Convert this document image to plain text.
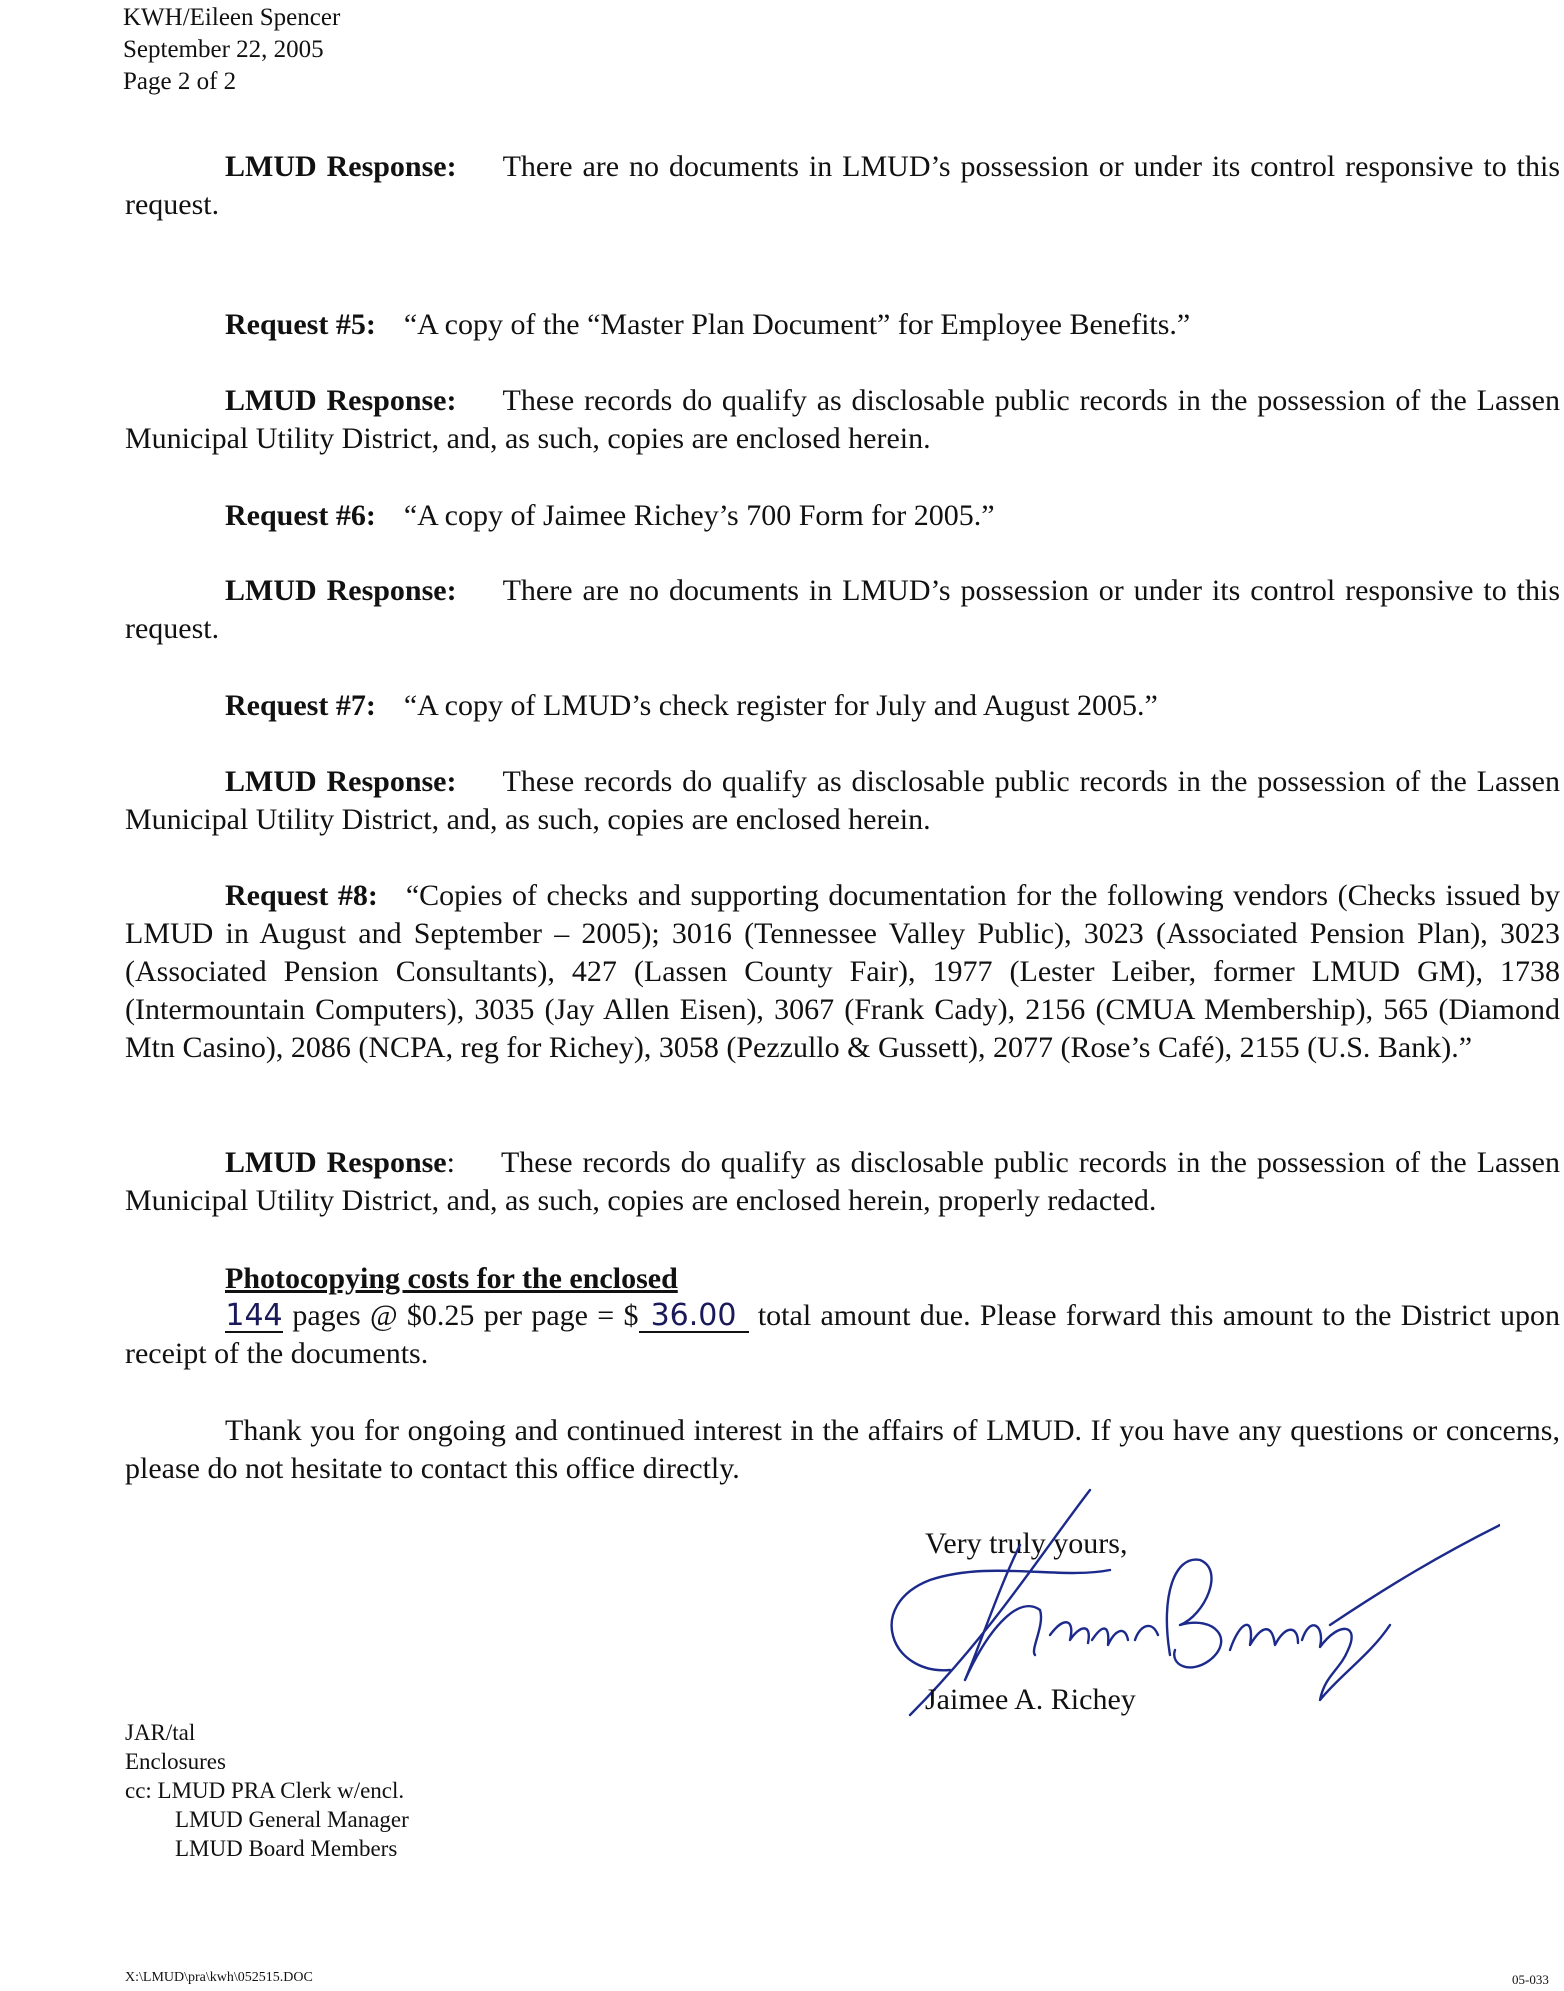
KWH/Eileen Spencer
September 22, 2005
Page 2 of 2
LMUD Response: There are no documents in LMUD’s possession or under its control responsive to this request.
Request #5: “A copy of the “Master Plan Document” for Employee Benefits.”
LMUD Response: These records do qualify as disclosable public records in the possession of the Lassen Municipal Utility District, and, as such, copies are enclosed herein.
Request #6: “A copy of Jaimee Richey’s 700 Form for 2005.”
LMUD Response: There are no documents in LMUD’s possession or under its control responsive to this request.
Request #7: “A copy of LMUD’s check register for July and August 2005.”
LMUD Response: These records do qualify as disclosable public records in the possession of the Lassen Municipal Utility District, and, as such, copies are enclosed herein.
Request #8: “Copies of checks and supporting documentation for the following vendors (Checks issued by LMUD in August and September – 2005); 3016 (Tennessee Valley Public), 3023 (Associated Pension Plan), 3023 (Associated Pension Consultants), 427 (Lassen County Fair), 1977 (Lester Leiber, former LMUD GM), 1738 (Intermountain Computers), 3035 (Jay Allen Eisen), 3067 (Frank Cady), 2156 (CMUA Membership), 565 (Diamond Mtn Casino), 2086 (NCPA, reg for Richey), 3058 (Pezzullo & Gussett), 2077 (Rose’s Café), 2155 (U.S. Bank).”
LMUD Response: These records do qualify as disclosable public records in the possession of the Lassen Municipal Utility District, and, as such, copies are enclosed herein, properly redacted.
Photocopying costs for the enclosed
144 pages @ $0.25 per page = $ 36.00 total amount due. Please forward this amount to the District upon receipt of the documents.
Thank you for ongoing and continued interest in the affairs of LMUD. If you have any questions or concerns, please do not hesitate to contact this office directly.
Very truly yours,
Jaimee A. Richey
JAR/tal
Enclosures
cc: LMUD PRA Clerk w/encl.
LMUD General Manager
LMUD Board Members
X:\LMUD\pra\kwh\052515.DOC	05-033
